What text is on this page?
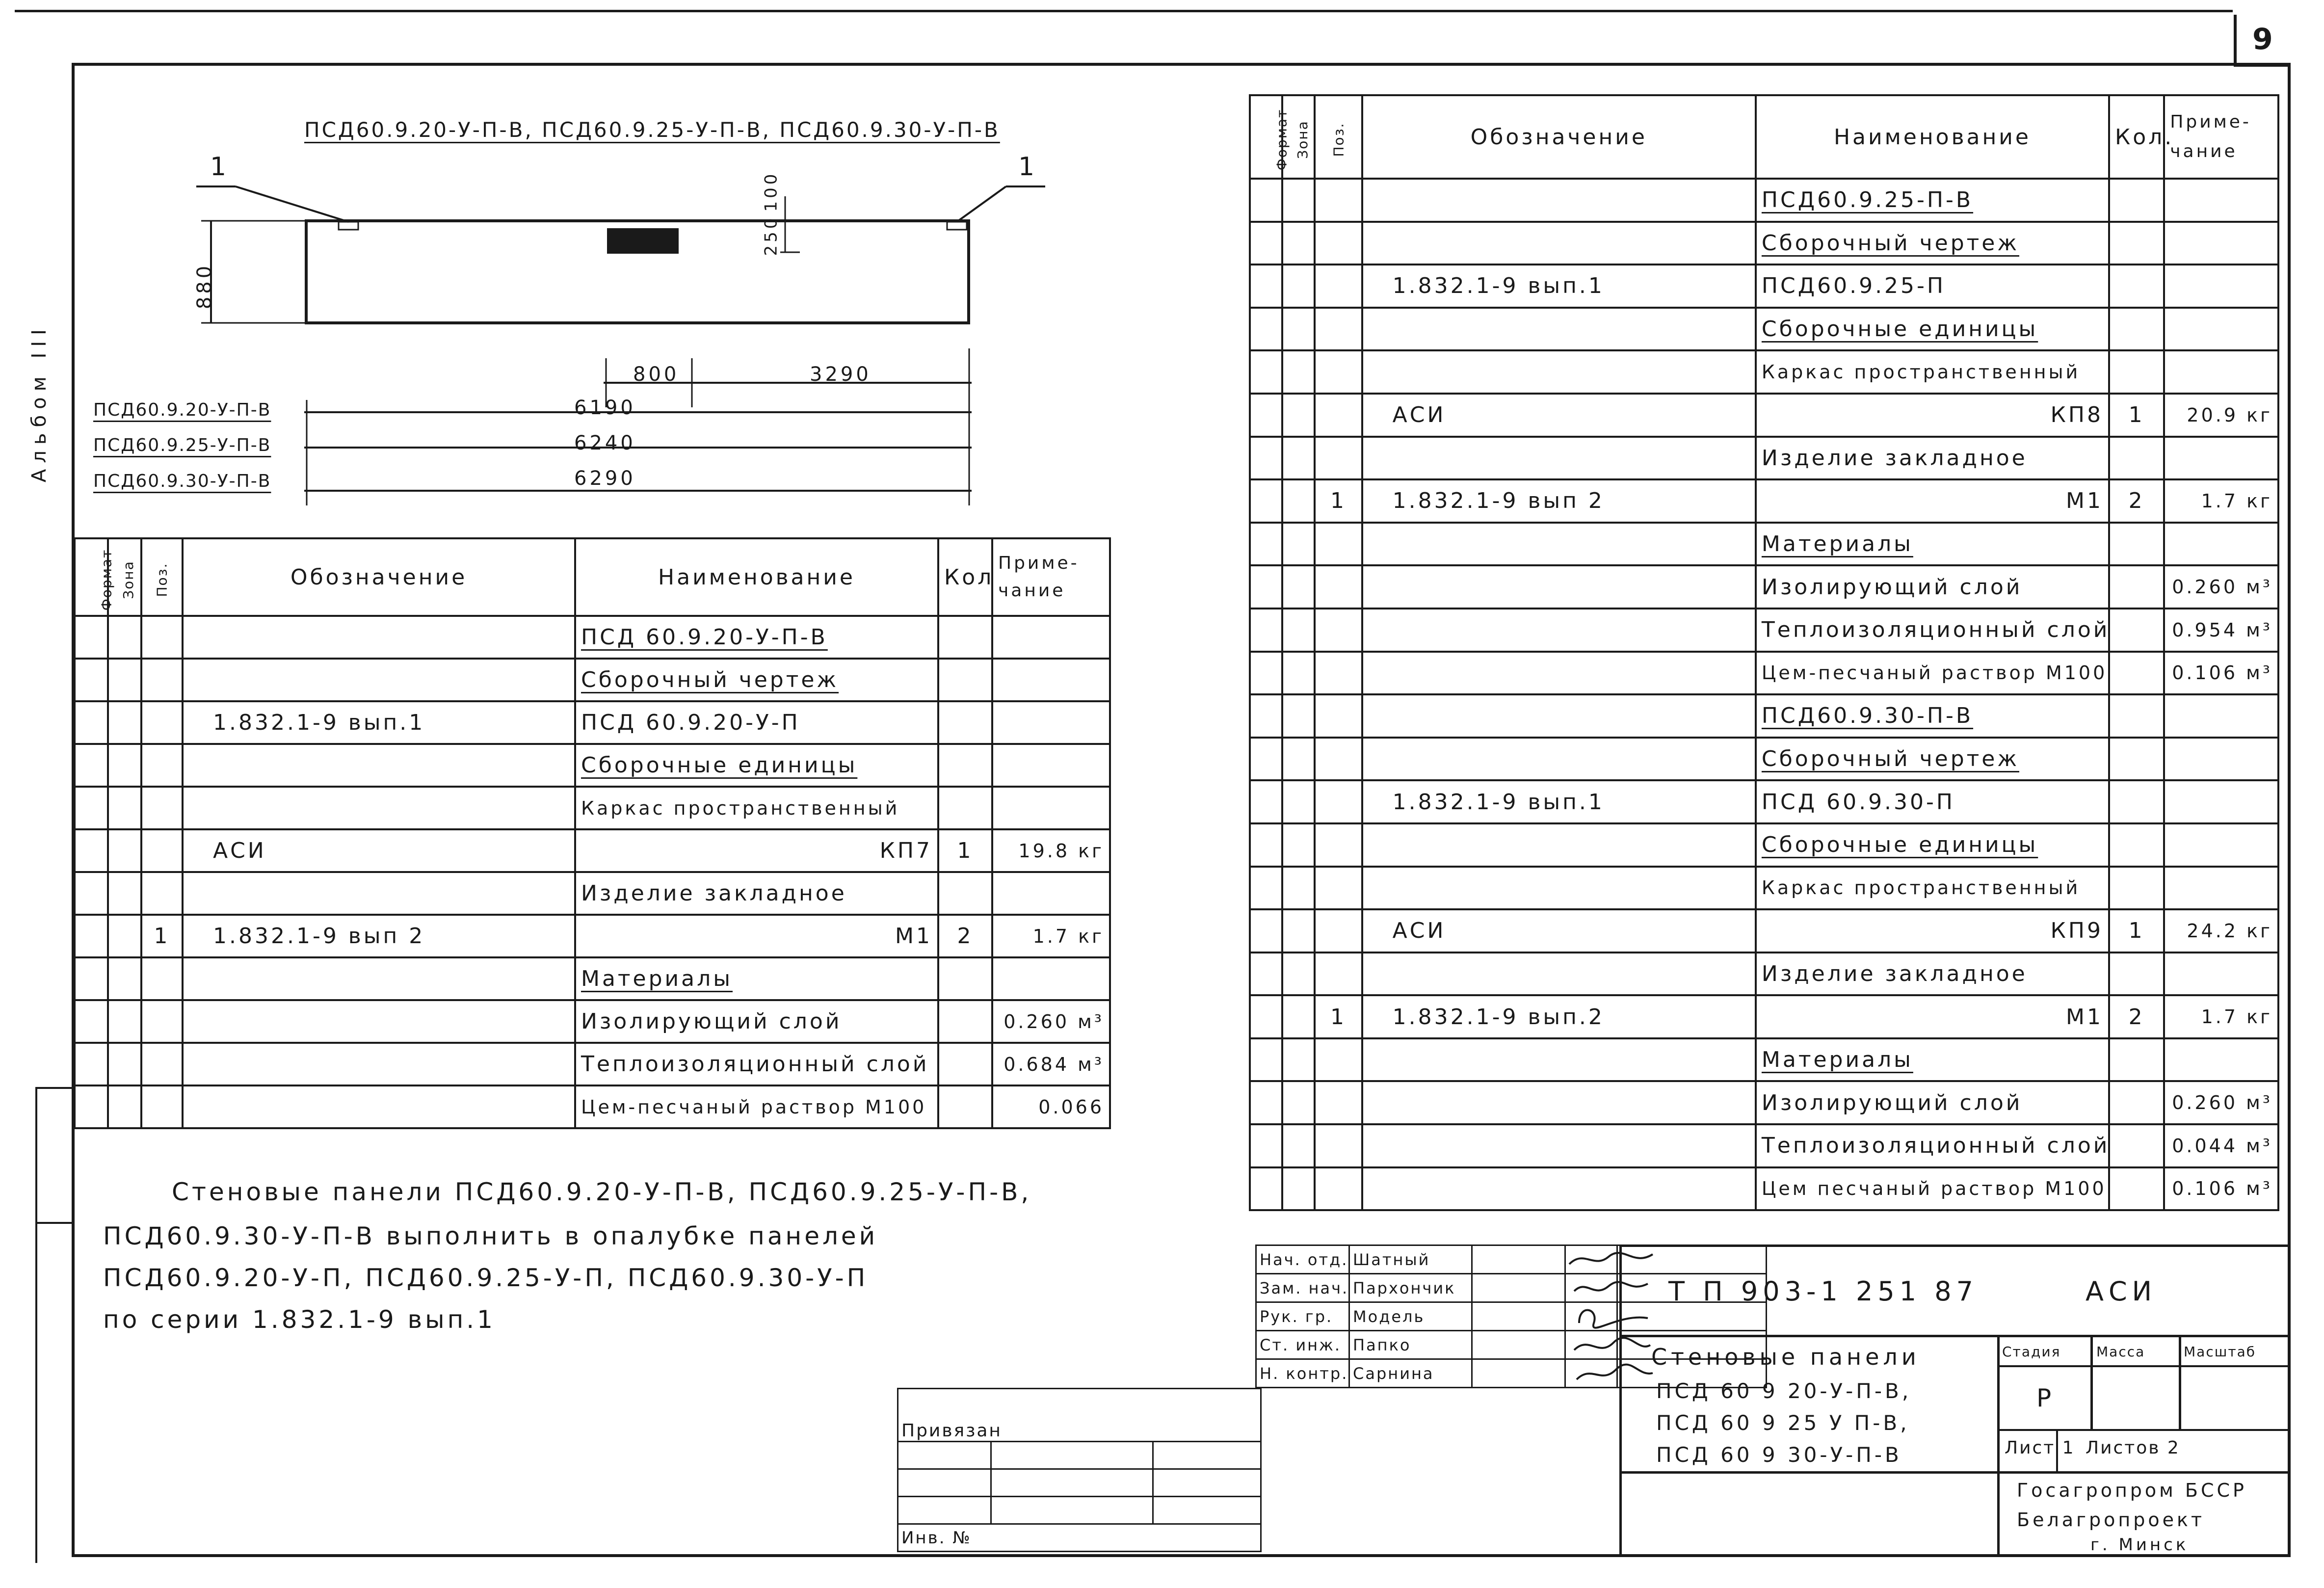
9
Альбом III
ПСД60.9.20-У-П-В, ПСД60.9.25-У-П-В, ПСД60.9.30-У-П-В
1	1
880
250
100
800	3290
ПСД60.9.20-У-П-В	6190
ПСД60.9.25-У-П-В	6240
ПСД60.9.30-У-П-В	6290
Формат	Зона	Поз.	Обозначение	Наименование	Кол	Приме-
чание
				ПСД 60.9.20-У-П-В		
				Сборочный чертеж		
			1.832.1-9 вып.1	ПСД 60.9.20-У-П		
				Сборочные единицы		
				Каркас пространственный		
			АСИ	КП7	1	19.8 кг
				Изделие закладное		
		1	1.832.1-9 вып 2	М1	2	1.7 кг
				Материалы		
				Изолирующий слой		0.260 м³
				Теплоизоляционный слой		0.684 м³
				Цем-песчаный раствор М100		0.066
Формат	Зона	Поз.	Обозначение	Наименование	Кол.	Приме-
чание
				ПСД60.9.25-П-В		
				Сборочный чертеж		
			1.832.1-9 вып.1	ПСД60.9.25-П		
				Сборочные единицы		
				Каркас пространственный		
			АСИ	КП8	1	20.9 кг
				Изделие закладное		
		1	1.832.1-9 вып 2	М1	2	1.7 кг
				Материалы		
				Изолирующий слой		0.260 м³
				Теплоизоляционный слой		0.954 м³
				Цем-песчаный раствор М100		0.106 м³
				ПСД60.9.30-П-В		
				Сборочный чертеж		
			1.832.1-9 вып.1	ПСД 60.9.30-П		
				Сборочные единицы		
				Каркас пространственный		
			АСИ	КП9	1	24.2 кг
				Изделие закладное		
		1	1.832.1-9 вып.2	М1	2	1.7 кг
				Материалы		
				Изолирующий слой		0.260 м³
				Теплоизоляционный слой		0.044 м³
				Цем песчаный раствор М100		0.106 м³
Стеновые панели ПСД60.9.20-У-П-В, ПСД60.9.25-У-П-В,
ПСД60.9.30-У-П-В выполнить в опалубке панелей
ПСД60.9.20-У-П, ПСД60.9.25-У-П, ПСД60.9.30-У-П
по серии 1.832.1-9 вып.1
Привязан		

Инв. №		
Нач. отд.	Шатный			
Зам. нач.	Пархончик			
Рук. гр.	Модель			
Ст. инж.	Папко			
Н. контр.	Сарнина			
Т П 903-1 251 87	АСИ
Стеновые панели
ПСД 60 9 20-У-П-В,
ПСД 60 9 25 У П-В,
ПСД 60 9 30-У-П-В
Стадия	Масса	Масштаб
Р
Лист 1 Листов 2
Госагропром БССР
Белагропроект
г. Минск
